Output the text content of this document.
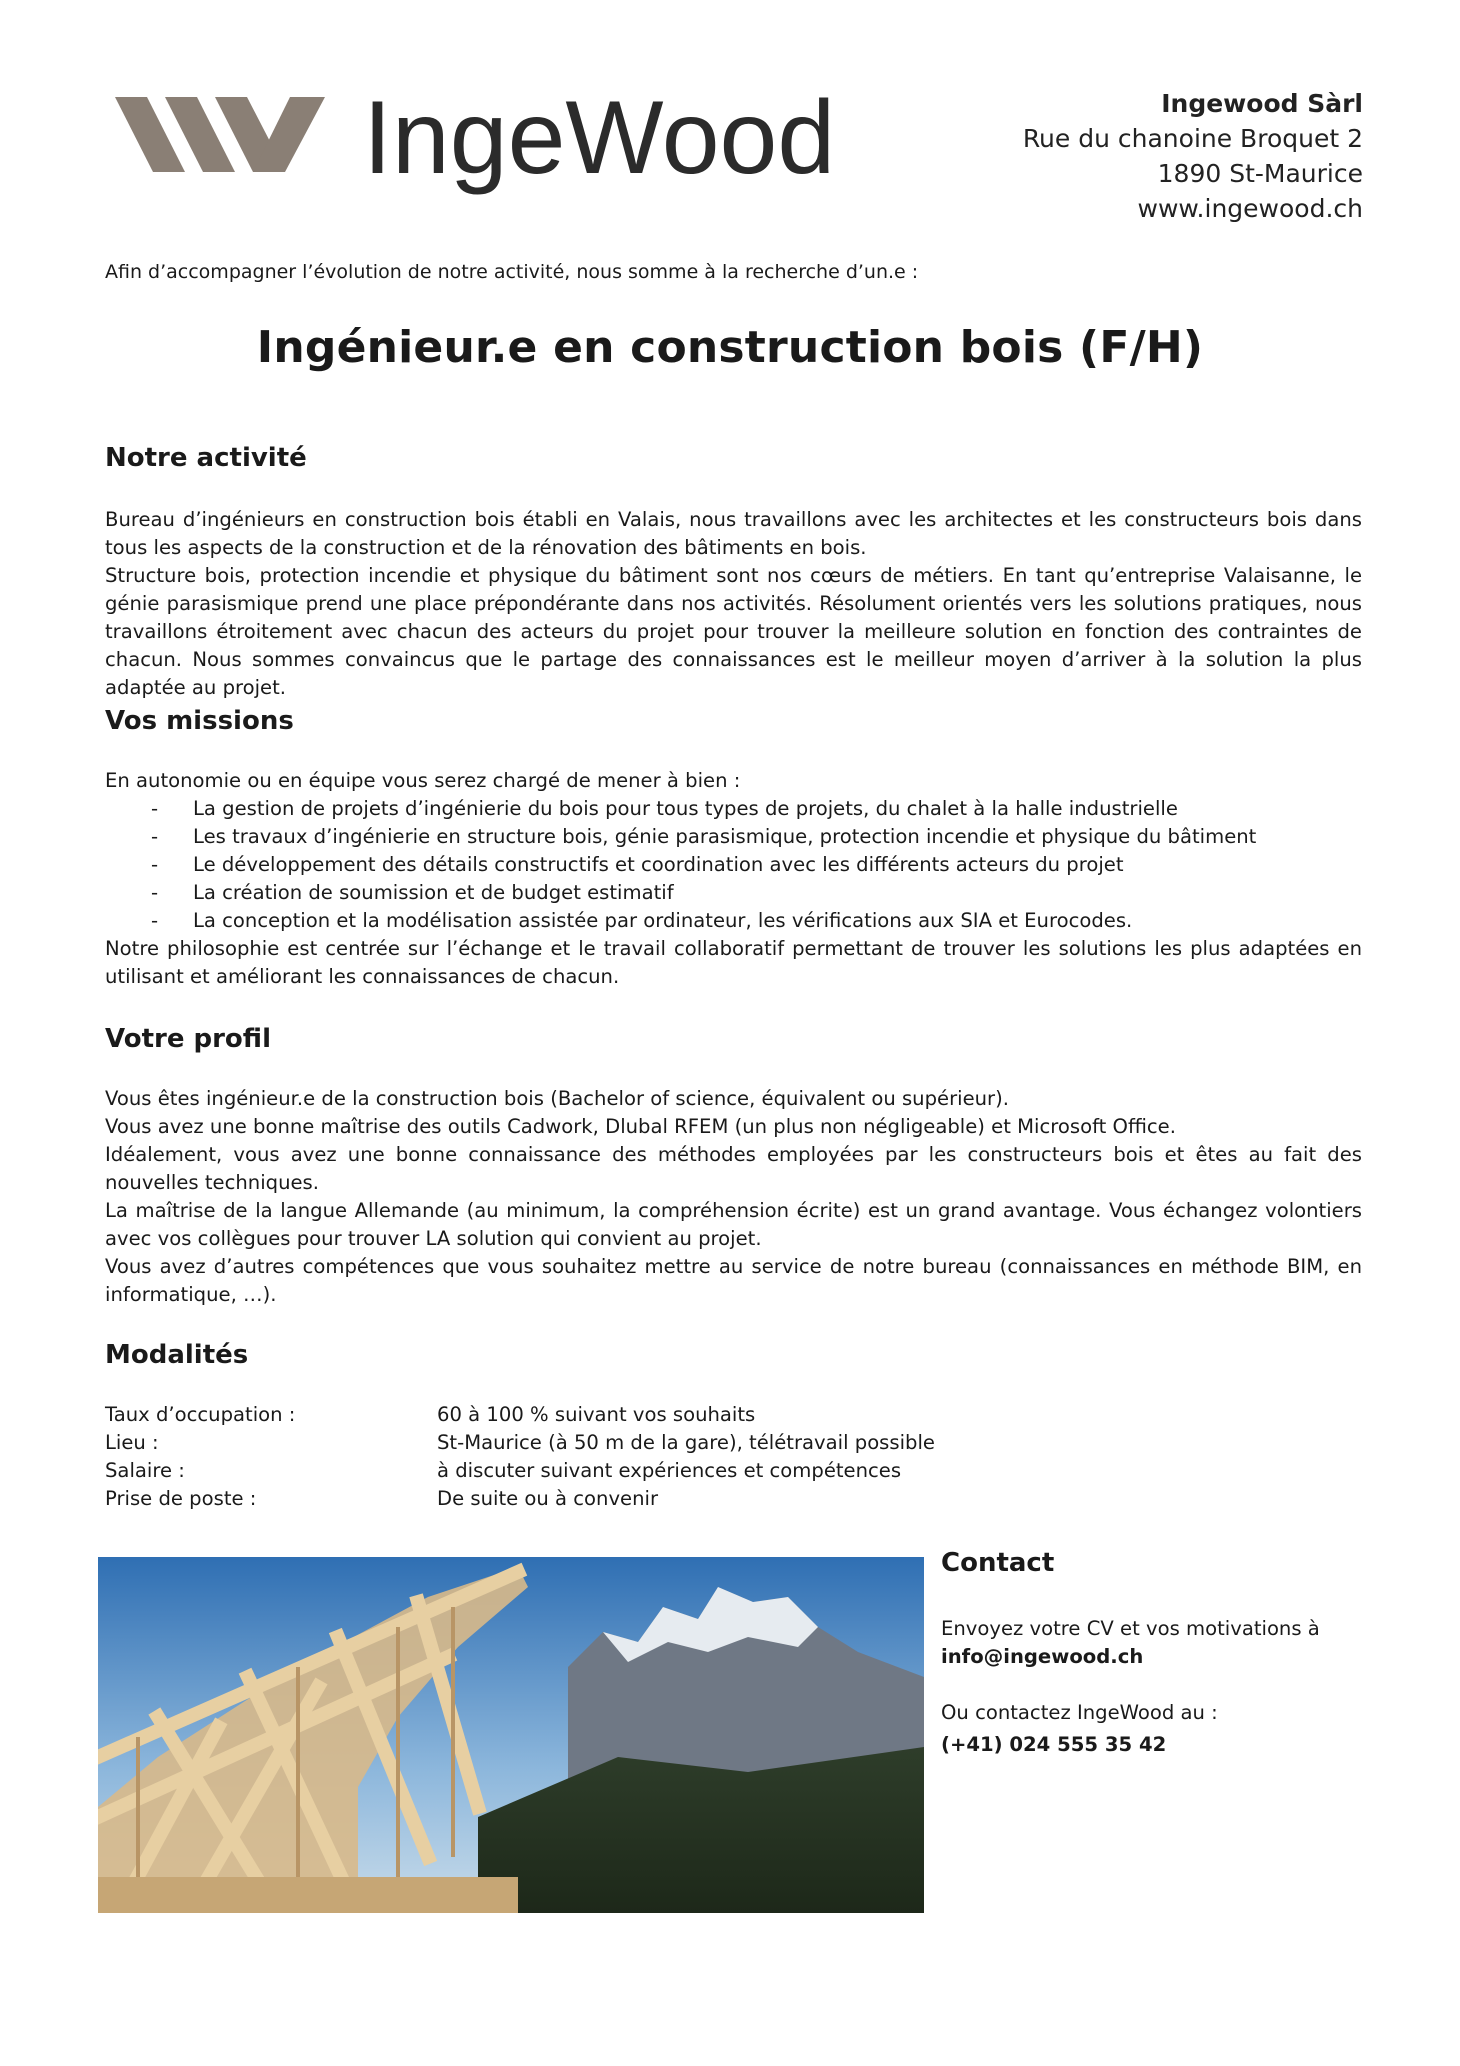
IngeWood	Ingewood Sàrl
Rue du chanoine Broquet 2
1890 St-Maurice
www.ingewood.ch
Afin d’accompagner l’évolution de notre activité, nous somme à la recherche d’un.e :
Ingénieur.e en construction bois (F/H)
Notre activité

Bureau d’ingénieurs en construction bois établi en Valais, nous travaillons avec les architectes et les constructeurs bois dans tous les aspects de la construction et de la rénovation des bâtiments en bois.

Structure bois, protection incendie et physique du bâtiment sont nos cœurs de métiers. En tant qu’entreprise Valaisanne, le génie parasismique prend une place prépondérante dans nos activités. Résolument orientés vers les solutions pratiques, nous travaillons étroitement avec chacun des acteurs du projet pour trouver la meilleure solution en fonction des contraintes de chacun. Nous sommes convaincus que le partage des connaissances est le meilleur moyen d’arriver à la solution la plus adaptée au projet.

Vos missions

En autonomie ou en équipe vous serez chargé de mener à bien :

- La gestion de projets d’ingénierie du bois pour tous types de projets, du chalet à la halle industrielle
- Les travaux d’ingénierie en structure bois, génie parasismique, protection incendie et physique du bâtiment
- Le développement des détails constructifs et coordination avec les différents acteurs du projet
- La création de soumission et de budget estimatif
- La conception et la modélisation assistée par ordinateur, les vérifications aux SIA et Eurocodes.

Notre philosophie est centrée sur l’échange et le travail collaboratif permettant de trouver les solutions les plus adaptées en utilisant et améliorant les connaissances de chacun.

Votre profil

Vous êtes ingénieur.e de la construction bois (Bachelor of science, équivalent ou supérieur).

Vous avez une bonne maîtrise des outils Cadwork, Dlubal RFEM (un plus non négligeable) et Microsoft Office.

Idéalement, vous avez une bonne connaissance des méthodes employées par les constructeurs bois et êtes au fait des nouvelles techniques.

La maîtrise de la langue Allemande (au minimum, la compréhension écrite) est un grand avantage. Vous échangez volontiers avec vos collègues pour trouver LA solution qui convient au projet.

Vous avez d’autres compétences que vous souhaitez mettre au service de notre bureau (connaissances en méthode BIM, en informatique, …).

Modalités
Taux d’occupation :	60 à 100 % suivant vos souhaits
Lieu :	St-Maurice (à 50 m de la gare), télétravail possible
Salaire :	à discuter suivant expériences et compétences
Prise de poste :	De suite ou à convenir
Contact

Envoyez votre CV et vos motivations à

info@ingewood.ch

Ou contactez IngeWood au :

(+41) 024 555 35 42
